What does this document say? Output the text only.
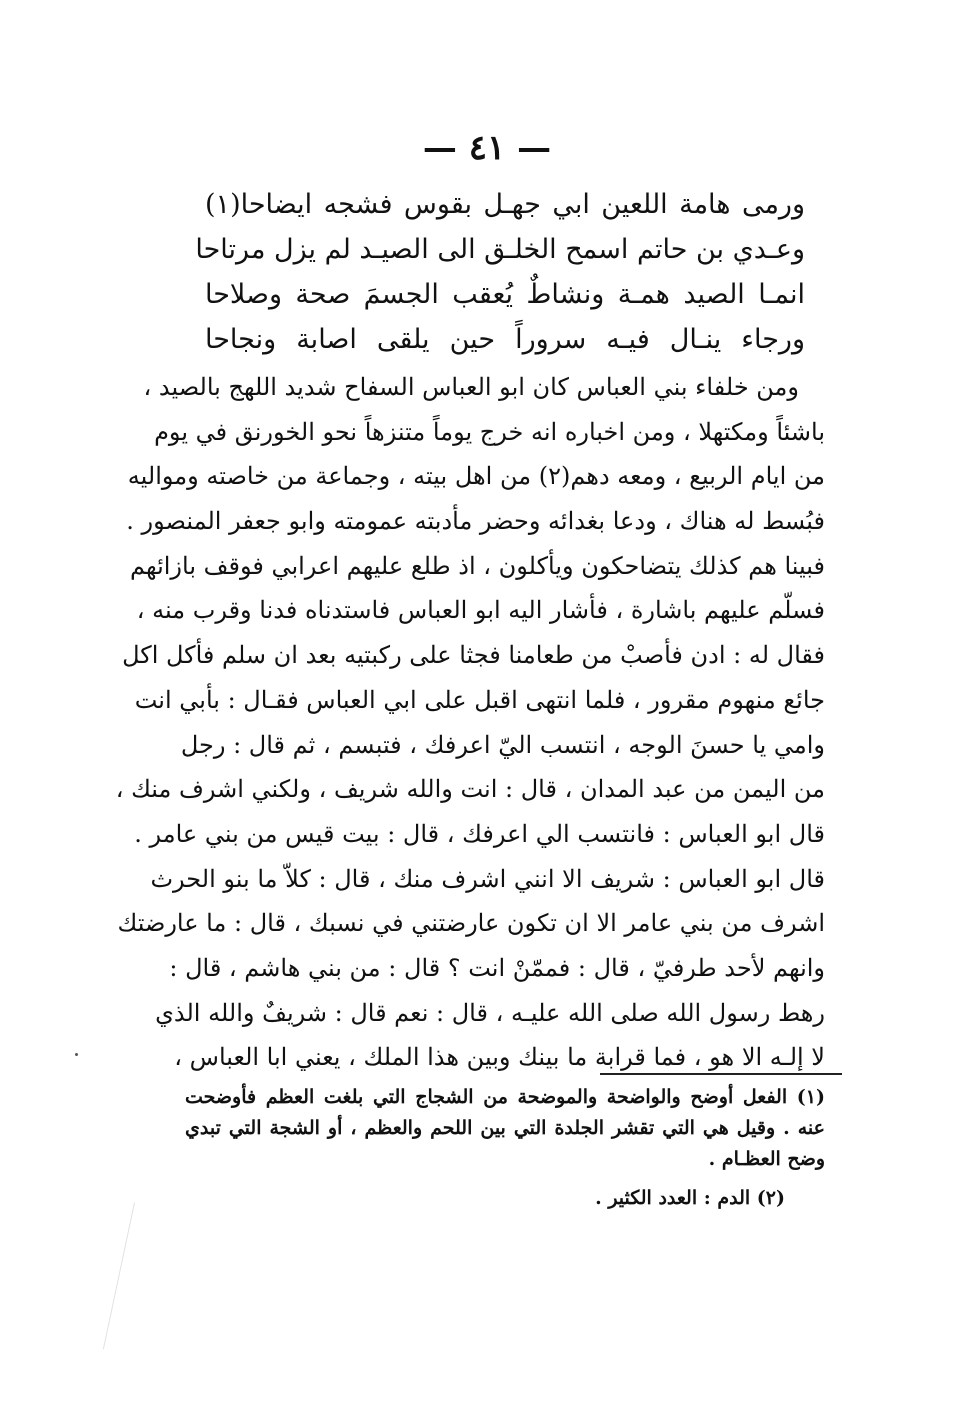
— ٤١ —
ورمى هامة اللعين ابي جهـل بقوس فشجه ايضاحا(١)
وعـدي بن حاتم اسمح الخلـق الى الصيـد لم يزل مرتاحا
انمـا الصيد همـة ونشاطٌ يُعقب الجسمَ صحة وصلاحا
ورجاء ينـال فيـه سروراً حين يلقى اصابة ونجاحا
ومن خلفاء بني العباس كان ابو العباس السفاح شديد اللهج بالصيد ،
باشئاً ومكتهلا ، ومن اخباره انه خرج يوماً متنزهاً نحو الخورنق في يوم
من ايام الربيع ، ومعه دهم(٢) من اهل بيته ، وجماعة من خاصته ومواليه
فبُسط له هناك ، ودعا بغدائه وحضر مأدبته عمومته وابو جعفر المنصور .
فبينا هم كذلك يتضاحكون ويأكلون ، اذ طلع عليهم اعرابي فوقف بازائهم
فسلّم عليهم باشارة ، فأشار اليه ابو العباس فاستدناه فدنا وقرب منه ،
فقال له : ادن فأصبْ من طعامنا فجثا على ركبتيه بعد ان سلم فأكل اكل
جائع منهوم مقرور ، فلما انتهى اقبل على ابي العباس فقـال : بأبي انت
وامي يا حسنَ الوجه ، انتسب اليّ اعرفك ، فتبسم ، ثم قال : رجل
من اليمن من عبد المدان ، قال : انت والله شريف ، ولكني اشرف منك ،
قال ابو العباس : فانتسب الي اعرفك ، قال : بيت قيس من بني عامر .
قال ابو العباس : شريف الا انني اشرف منك ، قال : كلاّ ما بنو الحرث
اشرف من بني عامر الا ان تكون عارضتني في نسبك ، قال : ما عارضتك
وانهم لأحد طرفيّ ، قال : فممّنْ انت ؟ قال : من بني هاشم ، قال :
رهط رسول الله صلى الله عليـه ، قال : نعم قال : شريفٌ والله الذي
لا إلـه الا هو ، فما قرابة ما بينك وبين هذا الملك ، يعني ابا العباس ،
(١) الفعل أوضح والواضحة والموضحة من الشجاج التي بلغت العظم فأوضحت
عنه . وقيل هي التي تقشر الجلدة التي بين اللحم والعظم ، أو الشجة التي تبدي
وضح العظـام .
(٢) الدم : العدد الكثير .
